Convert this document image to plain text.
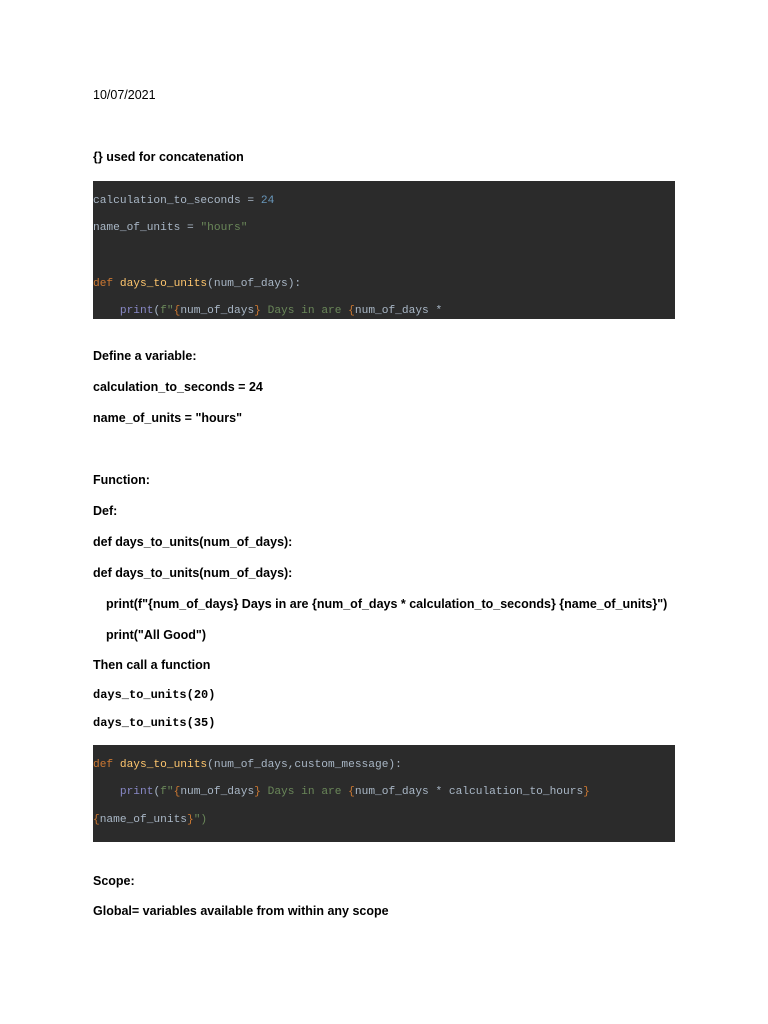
10/07/2021

{} used for concatenation

calculation_to_seconds = 24

name_of_units = "hours"

def days_to_units(num_of_days):

print(f"{num_of_days} Days in are {num_of_days *

Define a variable:

calculation_to_seconds = 24

name_of_units = "hours"

Function:

Def:

def days_to_units(num_of_days):

def days_to_units(num_of_days):

print(f"{num_of_days} Days in are {num_of_days * calculation_to_seconds} {name_of_units}")

print("All Good")

Then call a function

days_to_units(20)

days_to_units(35)

def days_to_units(num_of_days,custom_message):

print(f"{num_of_days} Days in are {num_of_days * calculation_to_hours}

{name_of_units}")

Scope:

Global= variables available from within any scope
